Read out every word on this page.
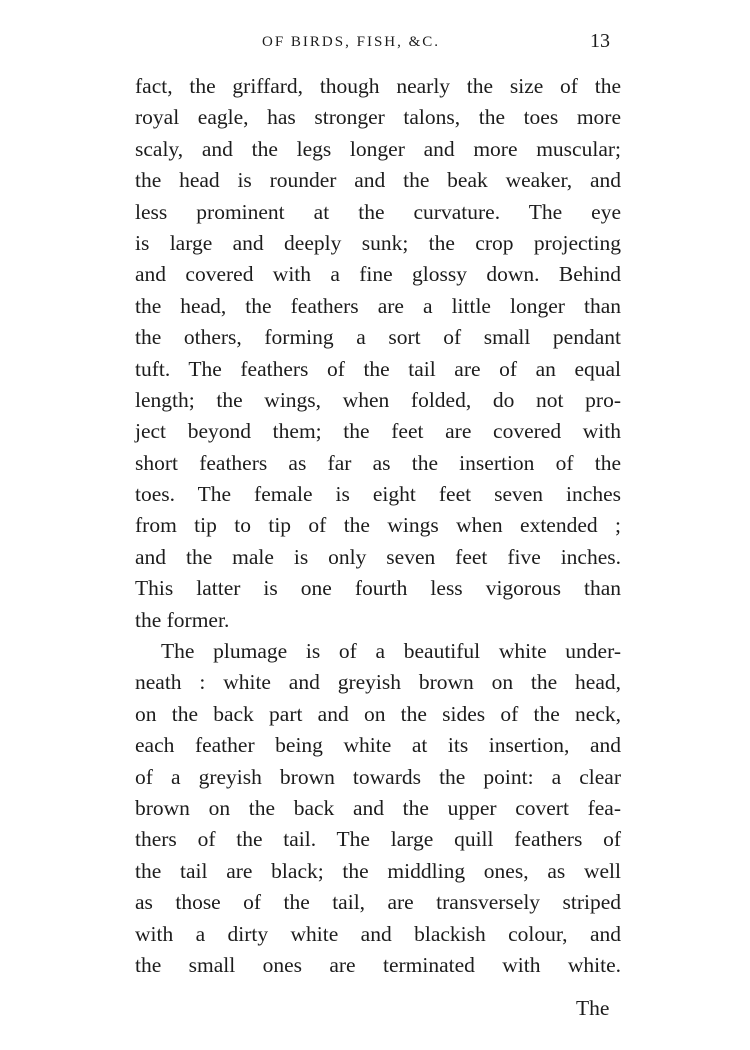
OF BIRDS, FISH, &C.	13
fact, the griffard, though nearly the size of the
royal eagle, has stronger talons, the toes more
scaly, and the legs longer and more muscular;
the head is rounder and the beak weaker, and
less prominent at the curvature. The eye
is large and deeply sunk; the crop projecting
and covered with a fine glossy down. Behind
the head, the feathers are a little longer than
the others, forming a sort of small pendant
tuft. The feathers of the tail are of an equal
length; the wings, when folded, do not pro-
ject beyond them; the feet are covered with
short feathers as far as the insertion of the
toes. The female is eight feet seven inches
from tip to tip of the wings when extended ;
and the male is only seven feet five inches.
This latter is one fourth less vigorous than
the former.
The plumage is of a beautiful white under-
neath : white and greyish brown on the head,
on the back part and on the sides of the neck,
each feather being white at its insertion, and
of a greyish brown towards the point: a clear
brown on the back and the upper covert fea-
thers of the tail. The large quill feathers of
the tail are black; the middling ones, as well
as those of the tail, are transversely striped
with a dirty white and blackish colour, and
the small ones are terminated with white.
The
